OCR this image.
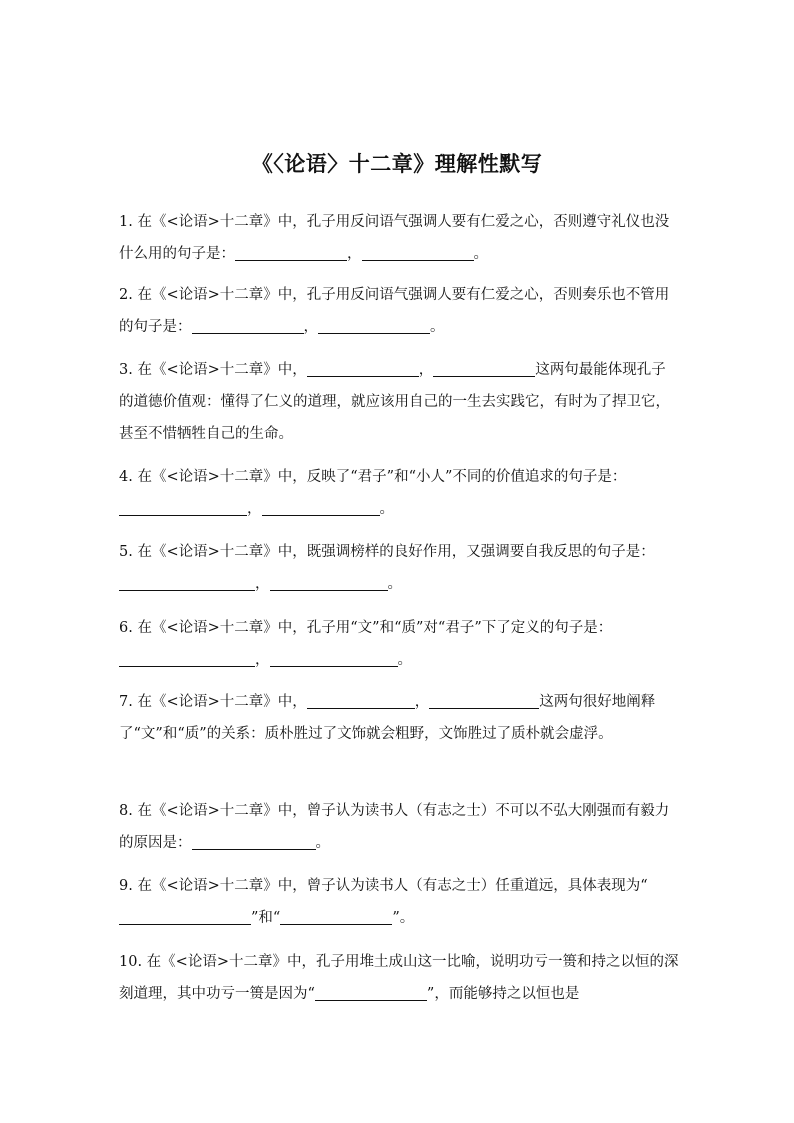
《〈论语〉十二章》理解性默写

1. 在《<论语>十二章》中，孔子用反问语气强调人要有仁爱之心，否则遵守礼仪也没什么用的句子是：	，	。

2. 在《<论语>十二章》中，孔子用反问语气强调人要有仁爱之心，否则奏乐也不管用的句子是：	，	。

3. 在《<论语>十二章》中，	，	这两句最能体现孔子的道德价值观：懂得了仁义的道理，就应该用自己的一生去实践它，有时为了捍卫它，甚至不惜牺牲自己的生命。

4. 在《<论语>十二章》中，反映了“君子”和“小人”不同的价值追求的句子是：，	。

5. 在《<论语>十二章》中，既强调榜样的良好作用，又强调要自我反思的句子是：，	。

6. 在《<论语>十二章》中，孔子用“文”和“质”对“君子”下了定义的句子是：，	。

7. 在《<论语>十二章》中，	，	这两句很好地阐释了“文”和“质”的关系：质朴胜过了文饰就会粗野，文饰胜过了质朴就会虚浮。

8. 在《<论语>十二章》中，曾子认为读书人（有志之士）不可以不弘大刚强而有毅力的原因是：	。

9. 在《<论语>十二章》中，曾子认为读书人（有志之士）任重道远，具体表现为“”和“	”。

10. 在《<论语>十二章》中，孔子用堆土成山这一比喻，说明功亏一篑和持之以恒的深刻道理，其中功亏一篑是因为“	”，而能够持之以恒也是
